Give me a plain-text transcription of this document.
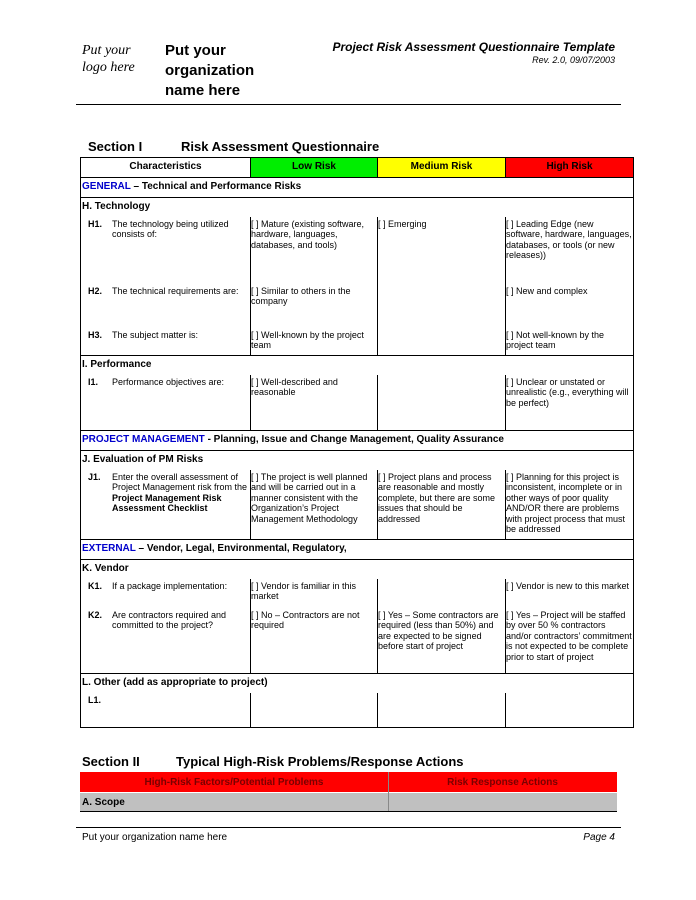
Put your logo here
Put your organization name here
Project Risk Assessment Questionnaire Template
Rev. 2.0, 09/07/2003
Section I	Risk Assessment Questionnaire
Characteristics	Low Risk	Medium Risk	High Risk
GENERAL – Technical and Performance Risks			
H. Technology			

H1. The technology being utilized consists of:	[ ] Mature (existing software, hardware, languages, databases, and tools)	[ ] Emerging	[ ] Leading Edge (new software, hardware, languages, databases, or tools (or new releases))

H2. The technical requirements are:	[ ] Similar to others in the company		[ ] New and complex

H3. The subject matter is:	[ ] Well-known by the project team		[ ] Not well-known by the project team

I. Performance			

I1. Performance objectives are:	[ ] Well-described and reasonable		[ ] Unclear or unstated or unrealistic (e.g., everything will be perfect)

PROJECT MANAGEMENT - Planning, Issue and Change Management, Quality Assurance			
J. Evaluation of PM Risks			

J1. Enter the overall assessment of Project Management risk from the Project Management Risk Assessment Checklist	[ ] The project is well planned and will be carried out in a manner consistent with the Organization’s Project Management Methodology	[ ] Project plans and process are reasonable and mostly complete, but there are some issues that should be addressed	[ ] Planning for this project is inconsistent, incomplete or in other ways of poor quality AND/OR there are problems with project process that must be addressed

EXTERNAL – Vendor, Legal, Environmental, Regulatory,			
K. Vendor			

K1. If a package implementation:	[ ] Vendor is familiar in this market		[ ] Vendor is new to this market

K2. Are contractors required and committed to the project?	[ ] No – Contractors are not required	[ ] Yes – Some contractors are required (less than 50%) and are expected to be signed before start of project	[ ] Yes – Project will be staffed by over 50 % contractors and/or contractors’ commitment is not expected to be complete prior to start of project

L. Other (add as appropriate to project)			

L1.			

Section II	Typical High-Risk Problems/Response Actions
High-Risk Factors/Potential Problems	Risk Response Actions
A. Scope
Put your organization name here	Page 4
